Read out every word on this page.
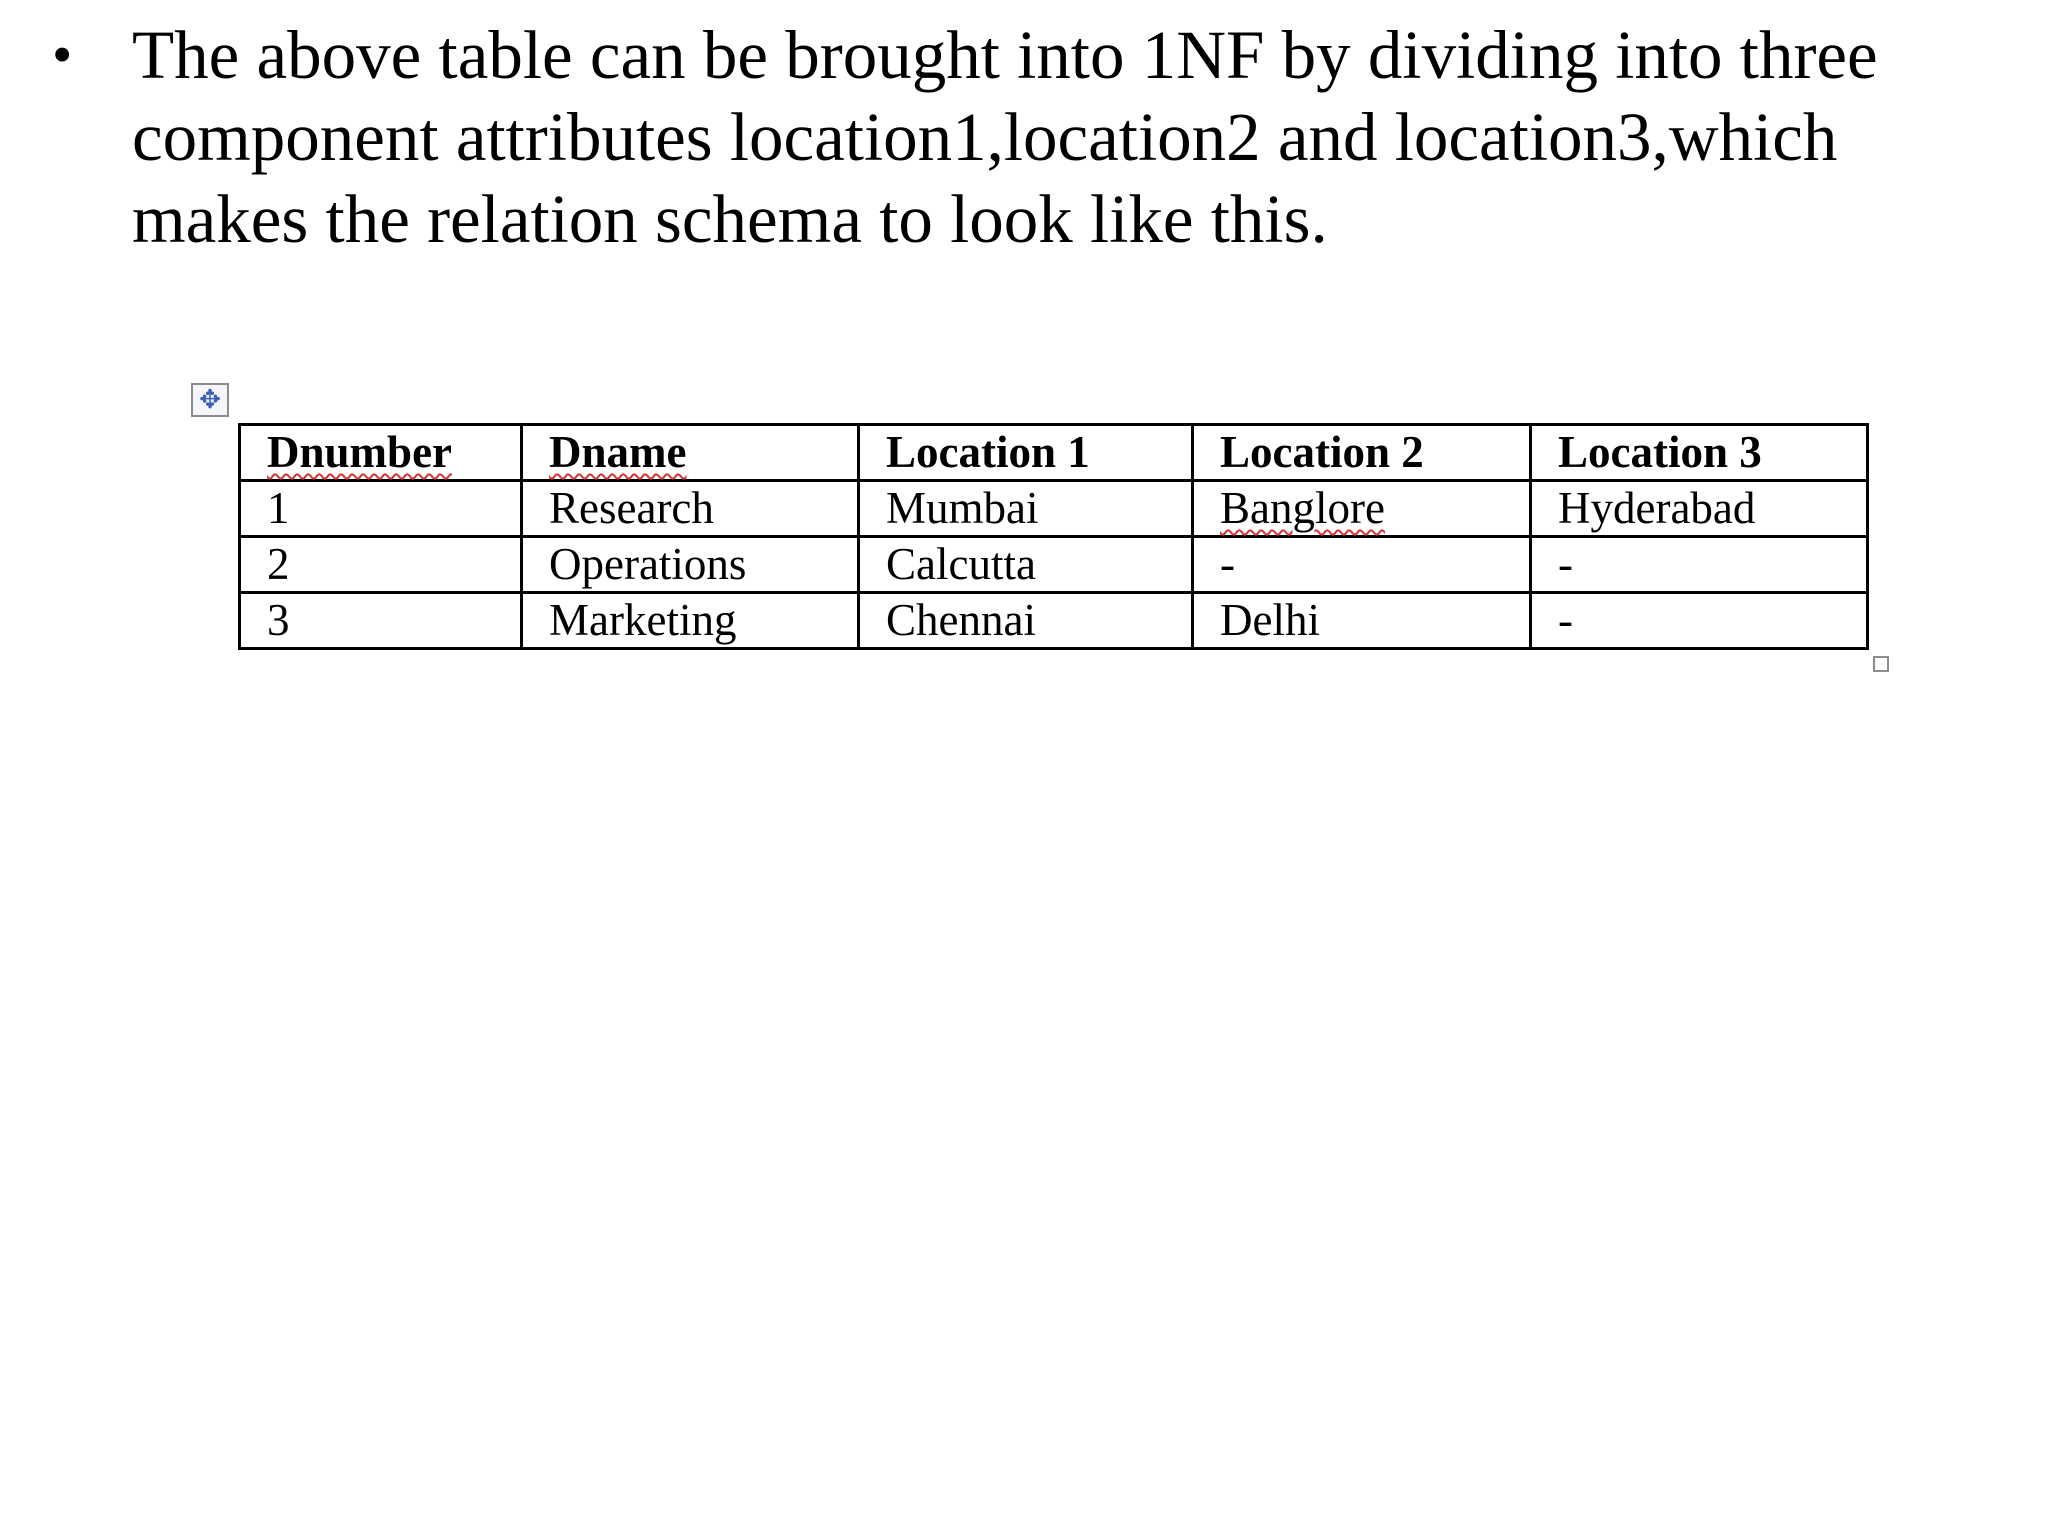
• The above table can be brought into 1NF by dividing into three component attributes location1,location2 and location3,which makes the relation schema to look like this.
✥
Dnumber	Dname	Location 1	Location 2	Location 3
1	Research	Mumbai	Banglore	Hyderabad
2	Operations	Calcutta	-	-
3	Marketing	Chennai	Delhi	-
